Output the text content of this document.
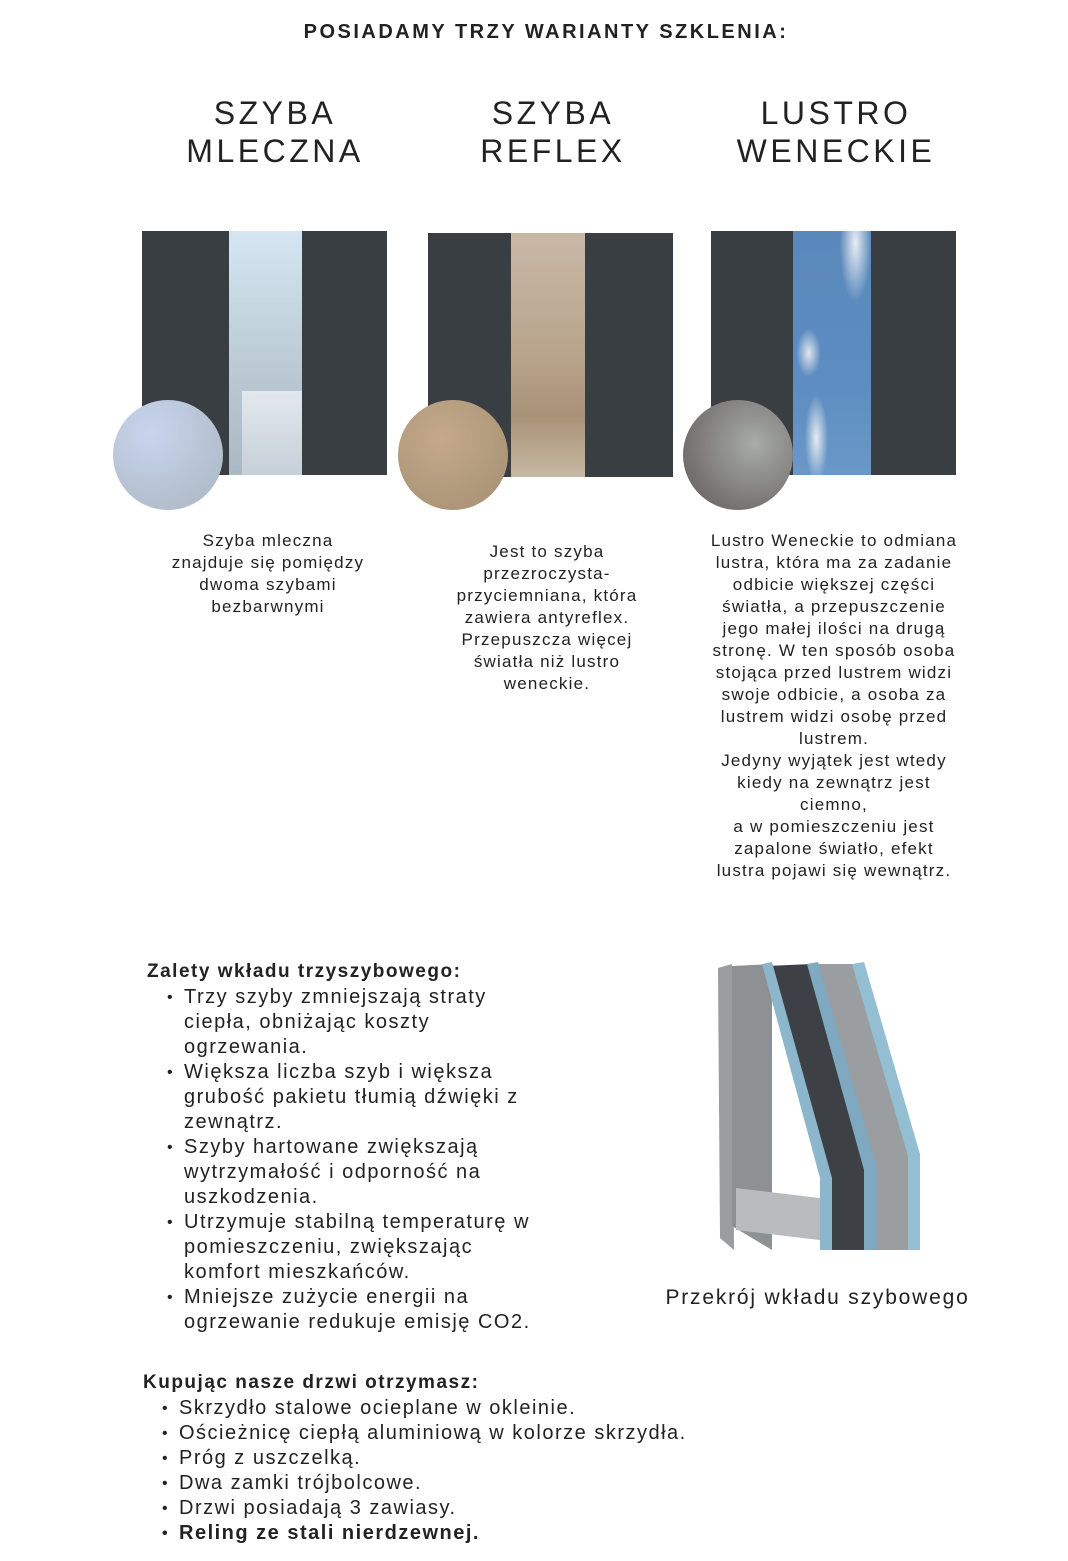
POSIADAMY TRZY WARIANTY SZKLENIA:
SZYBA
MLECZNA
SZYBA
REFLEX
LUSTRO
WENECKIE
Szyba mleczna
znajduje się pomiędzy
dwoma szybami
bezbarwnymi
Jest to szyba
przezroczysta-
przyciemniana, która
zawiera antyreflex.
Przepuszcza więcej
światła niż lustro
weneckie.
Lustro Weneckie to odmiana
lustra, która ma za zadanie
odbicie większej części
światła, a przepuszczenie
jego małej ilości na drugą
stronę. W ten sposób osoba
stojąca przed lustrem widzi
swoje odbicie, a osoba za
lustrem widzi osobę przed
lustrem.
Jedyny wyjątek jest wtedy
kiedy na zewnątrz jest
ciemno,
a w pomieszczeniu jest
zapalone światło, efekt
lustra pojawi się wewnątrz.
Zalety wkładu trzyszybowego:
• Trzy szyby zmniejszają straty
ciepła, obniżając koszty
ogrzewania.
• Większa liczba szyb i większa
grubość pakietu tłumią dźwięki z
zewnątrz.
• Szyby hartowane zwiększają
wytrzymałość i odporność na
uszkodzenia.
• Utrzymuje stabilną temperaturę w
pomieszczeniu, zwiększając
komfort mieszkańców.
• Mniejsze zużycie energii na
ogrzewanie redukuje emisję CO2.
Przekrój wkładu szybowego
Kupując nasze drzwi otrzymasz:
• Skrzydło stalowe ocieplane w okleinie.
• Ościeżnicę ciepłą aluminiową w kolorze skrzydła.
• Próg z uszczelką.
• Dwa zamki trójbolcowe.
• Drzwi posiadają 3 zawiasy.
• Reling ze stali nierdzewnej.
